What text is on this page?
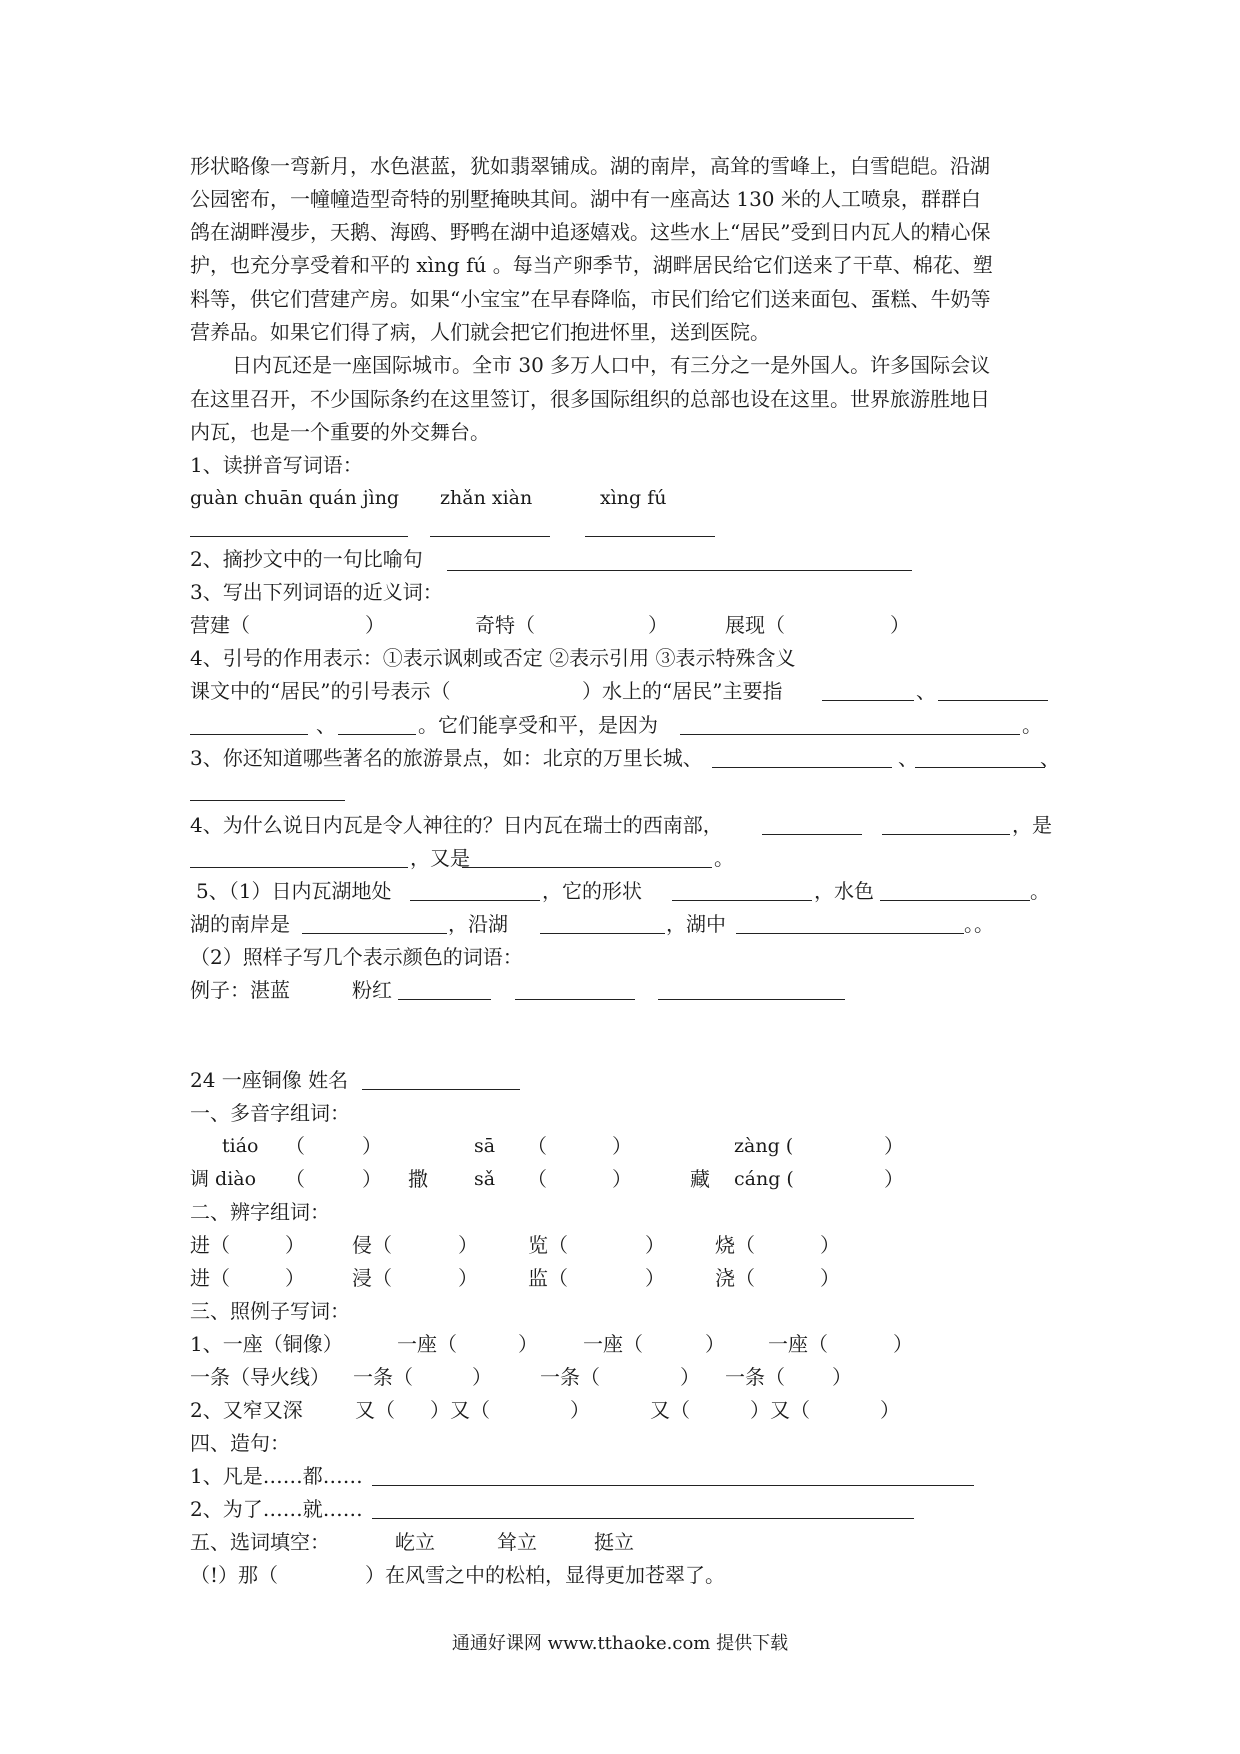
形状略像一弯新月，水色湛蓝，犹如翡翠铺成。湖的南岸，高耸的雪峰上，白雪皑皑。沿湖
公园密布，一幢幢造型奇特的别墅掩映其间。湖中有一座高达 130 米的人工喷泉，群群白
鸽在湖畔漫步，天鹅、海鸥、野鸭在湖中追逐嬉戏。这些水上“居民”受到日内瓦人的精心保
护，也充分享受着和平的 xìng fú 。每当产卵季节，湖畔居民给它们送来了干草、棉花、塑
料等，供它们营建产房。如果“小宝宝”在早春降临，市民们给它们送来面包、蛋糕、牛奶等
营养品。如果它们得了病，人们就会把它们抱进怀里，送到医院。
日内瓦还是一座国际城市。全市 30 多万人口中，有三分之一是外国人。许多国际会议
在这里召开，不少国际条约在这里签订，很多国际组织的总部也设在这里。世界旅游胜地日
内瓦，也是一个重要的外交舞台。
1、读拼音写词语：
guàn chuān quán jìng zhǎn xiàn	xìng fú
2、摘抄文中的一句比喻句
3、写出下列词语的近义词：
营建（	）	奇特（	）	展现（	）
4、引号的作用表示：①表示讽刺或否定 ②表示引用 ③表示特殊含义
课文中的“居民”的引号表示（	）水上的“居民”主要指	、
、	。它们能享受和平，是因为	。
3、你还知道哪些著名的旅游景点，如：北京的万里长城、	、	、
4、为什么说日内瓦是令人神往的？日内瓦在瑞士的西南部，	，是
，又是	。
5、（1）日内瓦湖地处	，它的形状	，水色	。
湖的南岸是	，沿湖	，湖中	。。
（2）照样子写几个表示颜色的词语：
例子：湛蓝	粉红
24 一座铜像 姓名
一、多音字组词：
tiáo （	）	sā （	）	zàng (	）
调 diào （	） 撒 sǎ （	）	藏 cáng (	）
二、辨字组词：
进（	） 侵（	）	览（	）	烧（	）
进（	） 浸（	）	监（	）	浇（	）
三、照例子写词：
1、一座（铜像）	一座（	） 一座（	） 一座（	）
一条（导火线） 一条（	） 一条（	） 一条（ ）
2、又窄又深	又（ ）又（	）	又（	）又（	）
四、造句：
1、凡是……都……
2、为了……就……
五、选词填空：	屹立	耸立	挺立
（!）那（	）在风雪之中的松柏，显得更加苍翠了。
通通好课网 www.tthaoke.com 提供下载
